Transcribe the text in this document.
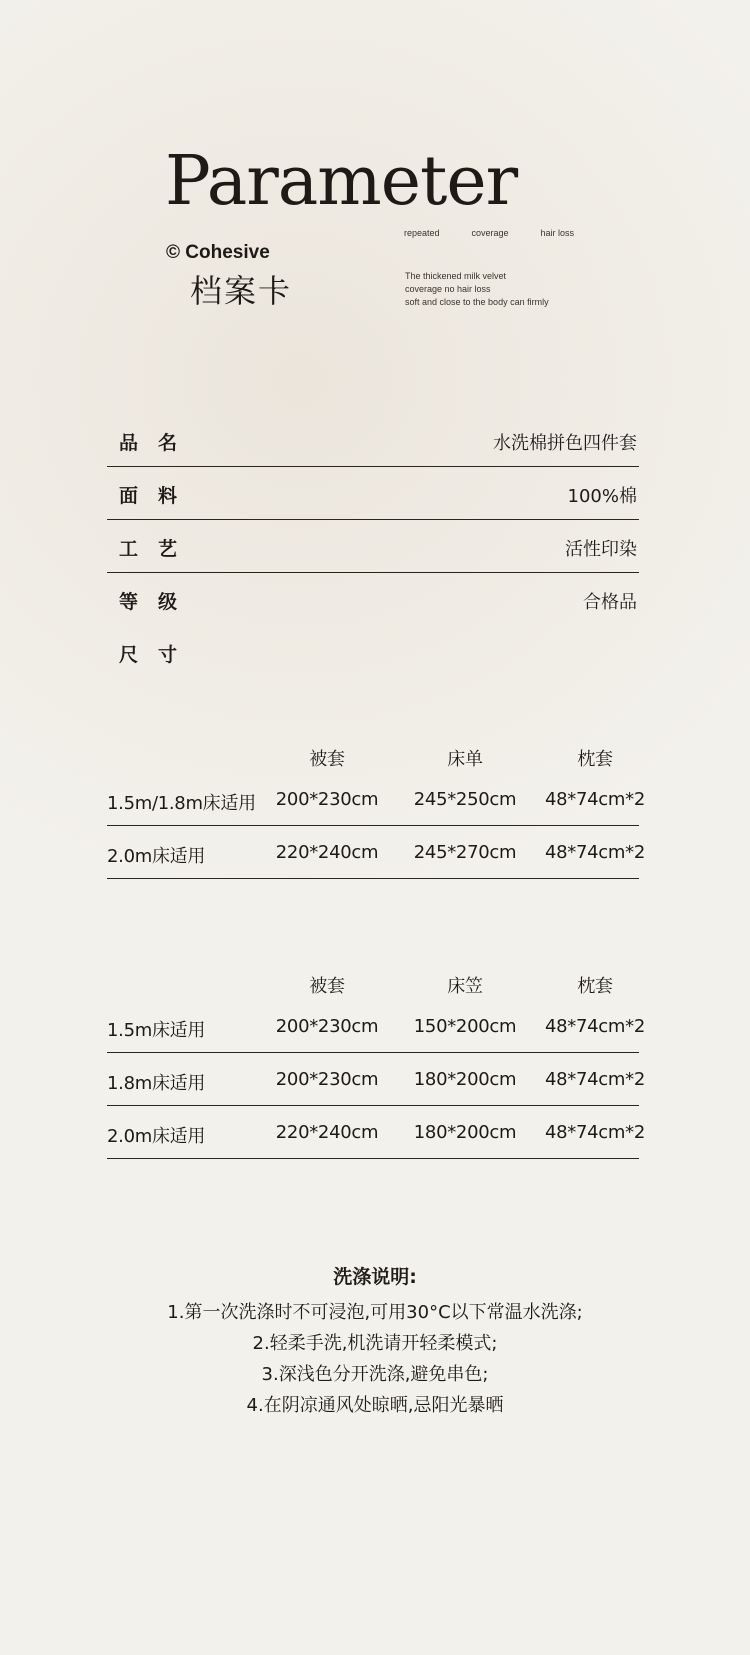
Parameter
repeated	coverage	hair loss
© Cohesive
档案卡	The thickened milk velvet
coverage no hair loss
soft and close to the body can firmly
品名	水洗棉拼色四件套
面料	100%棉
工艺	活性印染
等级	合格品
尺寸
被套	床单	枕套
1.5m/1.8m床适用 200*230cm 245*250cm 48*74cm*2
2.0m床适用	220*240cm 245*270cm 48*74cm*2
被套	床笠	枕套
1.5m床适用	200*230cm 150*200cm 48*74cm*2
1.8m床适用	200*230cm 180*200cm 48*74cm*2
2.0m床适用	220*240cm 180*200cm 48*74cm*2
洗涤说明:
1.第一次洗涤时不可浸泡,可用30°C以下常温水洗涤;
2.轻柔手洗,机洗请开轻柔模式;
3.深浅色分开洗涤,避免串色;
4.在阴凉通风处晾晒,忌阳光暴晒
